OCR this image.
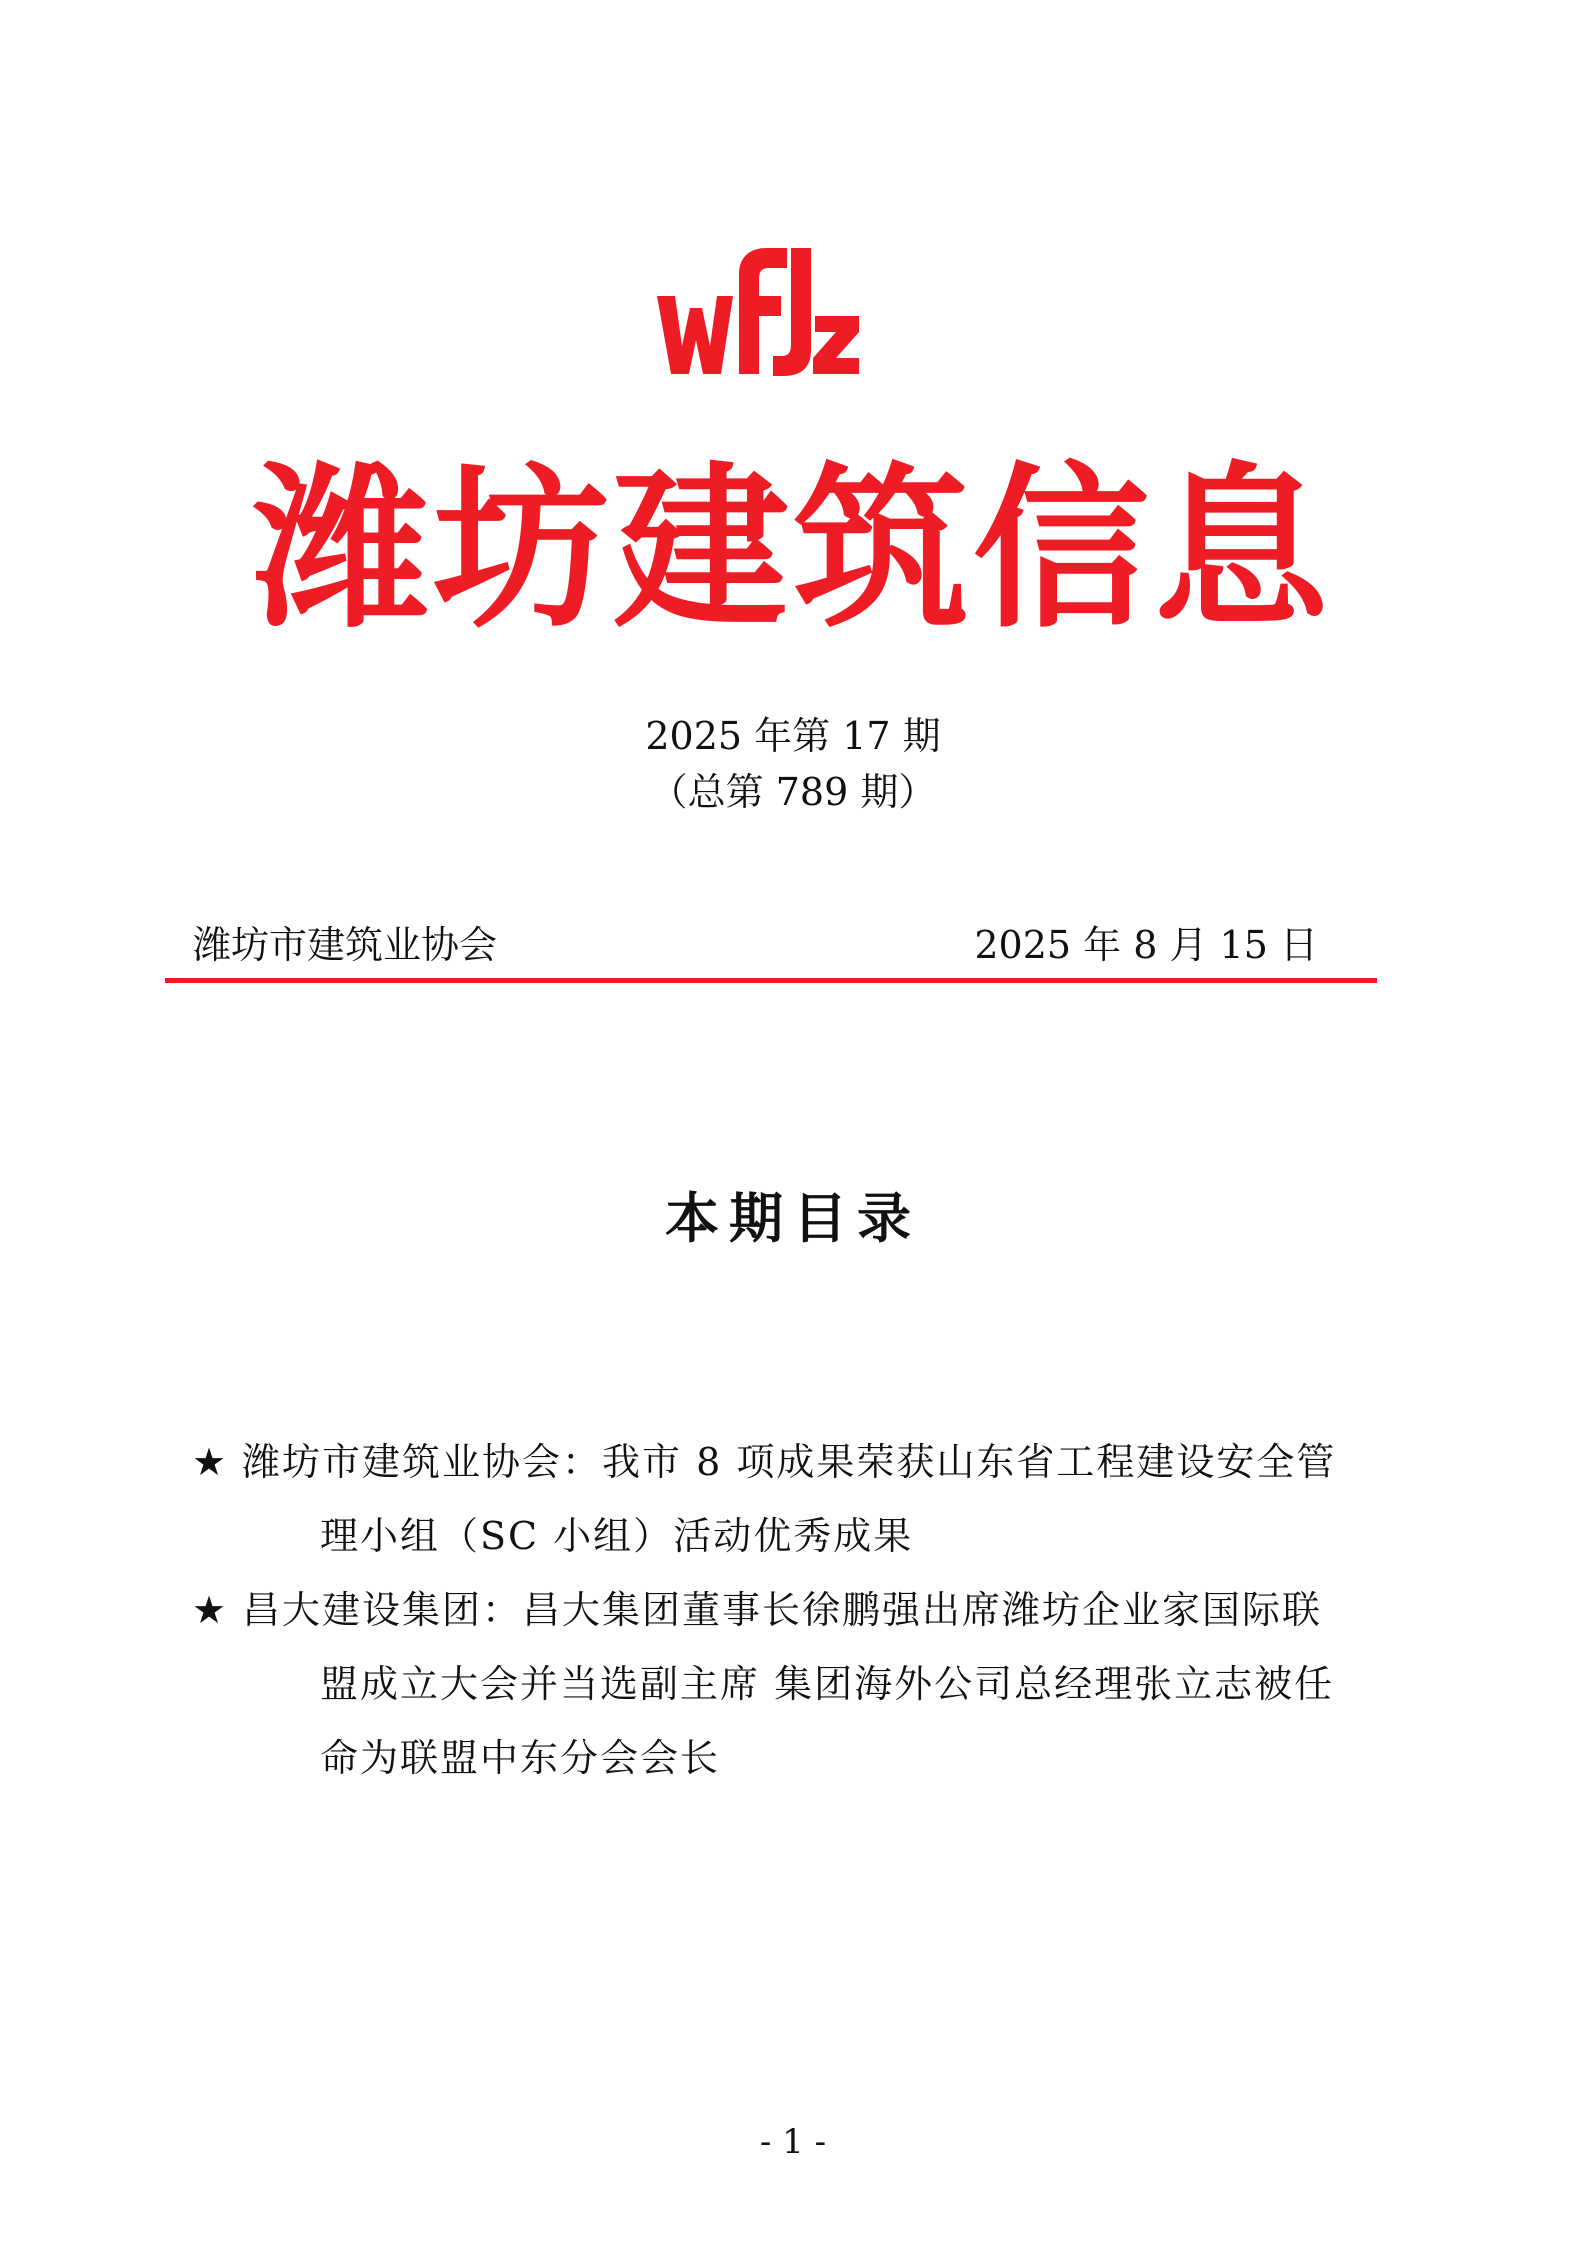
潍坊建筑信息
2025 年第 17 期
（总第 789 期）
潍坊市建筑业协会	2025 年 8 月 15 日
本期目录
★ 潍坊市建筑业协会：我市 8 项成果荣获山东省工程建设安全管
理小组（SC 小组）活动优秀成果
★ 昌大建设集团：昌大集团董事长徐鹏强出席潍坊企业家国际联
盟成立大会并当选副主席 集团海外公司总经理张立志被任
命为联盟中东分会会长
- 1 -
